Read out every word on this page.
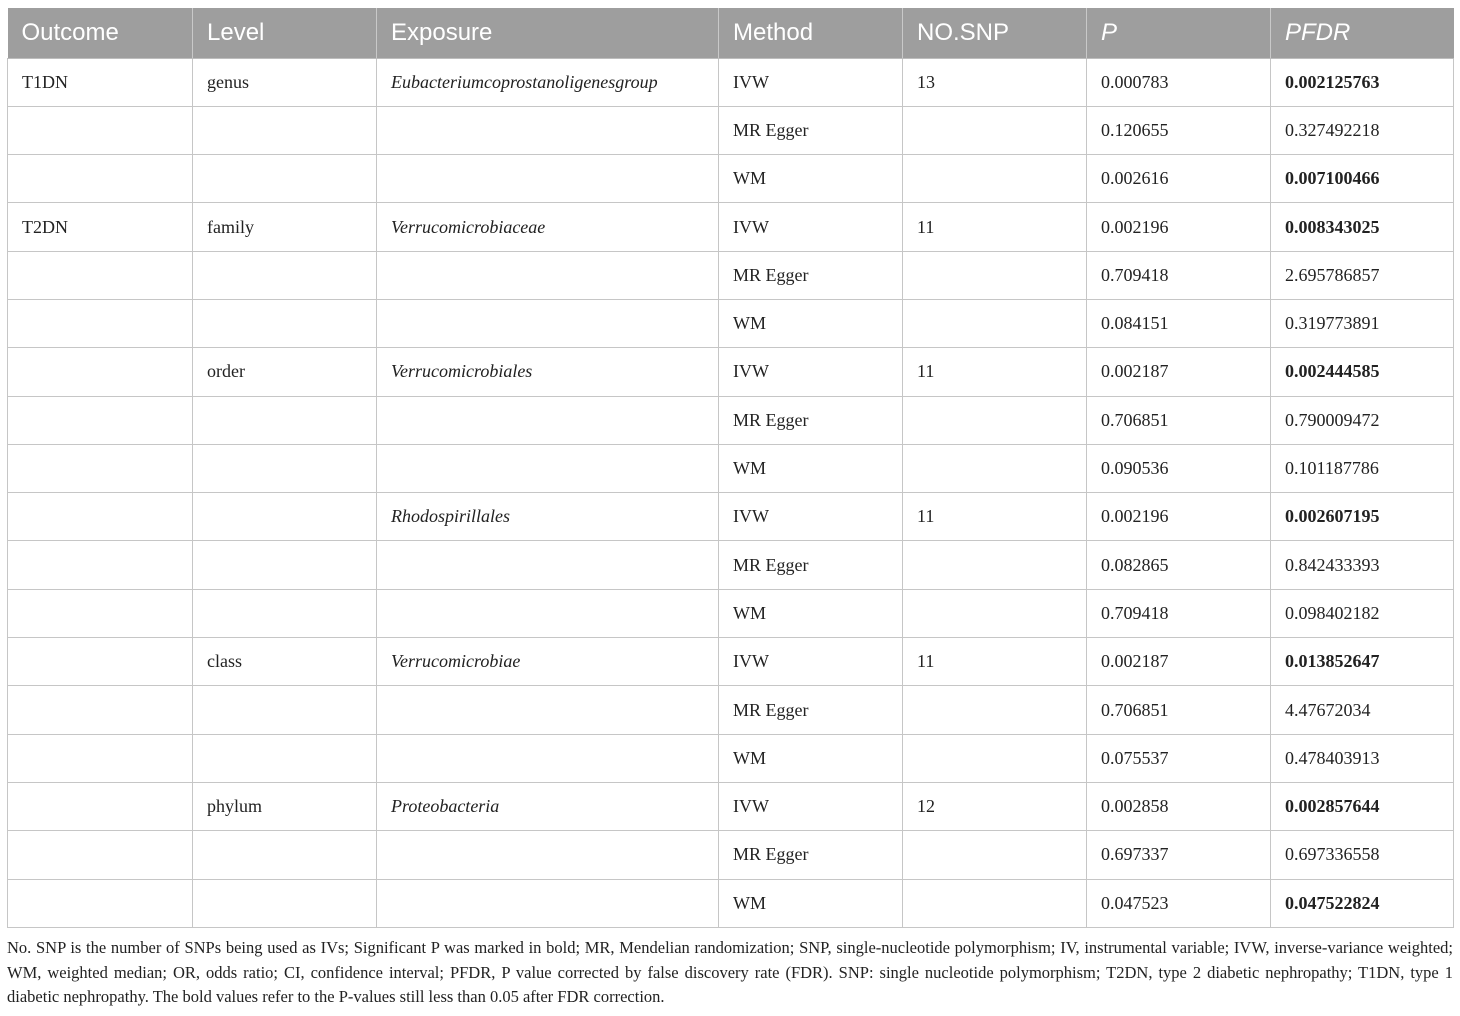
Outcome	Level	Exposure	Method	NO.SNP	P	PFDR
T1DN	genus	Eubacteriumcoprostanoligenesgroup	IVW	13	0.000783	0.002125763
			MR Egger		0.120655	0.327492218
			WM		0.002616	0.007100466
T2DN	family	Verrucomicrobiaceae	IVW	11	0.002196	0.008343025
			MR Egger		0.709418	2.695786857
			WM		0.084151	0.319773891
	order	Verrucomicrobiales	IVW	11	0.002187	0.002444585
			MR Egger		0.706851	0.790009472
			WM		0.090536	0.101187786
		Rhodospirillales	IVW	11	0.002196	0.002607195
			MR Egger		0.082865	0.842433393
			WM		0.709418	0.098402182
	class	Verrucomicrobiae	IVW	11	0.002187	0.013852647
			MR Egger		0.706851	4.47672034
			WM		0.075537	0.478403913
	phylum	Proteobacteria	IVW	12	0.002858	0.002857644
			MR Egger		0.697337	0.697336558
			WM		0.047523	0.047522824
No. SNP is the number of SNPs being used as IVs; Significant P was marked in bold; MR, Mendelian randomization; SNP, single-nucleotide polymorphism; IV, instrumental variable; IVW, inverse-variance weighted; WM, weighted median; OR, odds ratio; CI, confidence interval; PFDR, P value corrected by false discovery rate (FDR). SNP: single nucleotide polymorphism; T2DN, type 2 diabetic nephropathy; T1DN, type 1 diabetic nephropathy. The bold values refer to the P-values still less than 0.05 after FDR correction.
